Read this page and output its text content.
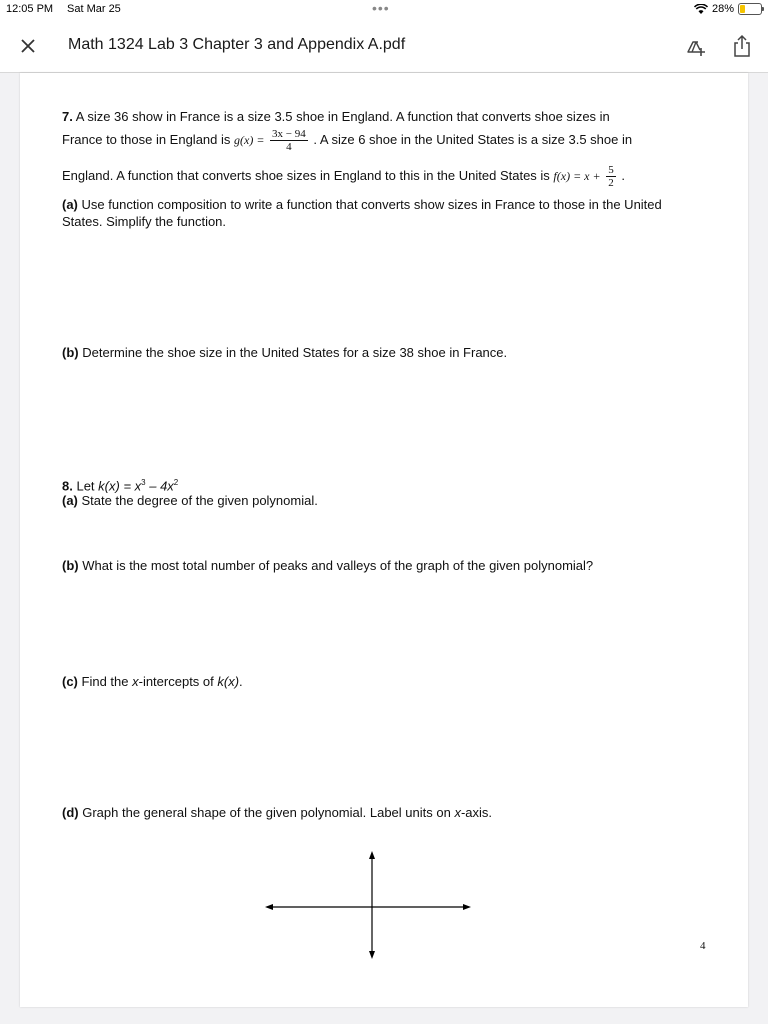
12:05 PM Sat Mar 25	•••	28%
Math 1324 Lab 3 Chapter 3 and Appendix A.pdf
7. A size 36 show in France is a size 3.5 shoe in England. A function that converts shoe sizes in
France to those in England is $g(x) = \frac{3x - 94}{4}$ . A size 6 shoe in the United States is a size 3.5 shoe in
England. A function that converts shoe sizes in England to this in the United States is $f(x) = x + \frac{5}{2}$ .
(a) Use function composition to write a function that converts show sizes in France to those in the United States. Simplify the function.
(b) Determine the shoe size in the United States for a size 38 shoe in France.
8. Let $k(x) = x^3 - 4x^2$
(a) State the degree of the given polynomial.
(b) What is the most total number of peaks and valleys of the graph of the given polynomial?
(c) Find the x-intercepts of k(x).
(d) Graph the general shape of the given polynomial. Label units on x-axis.
4
